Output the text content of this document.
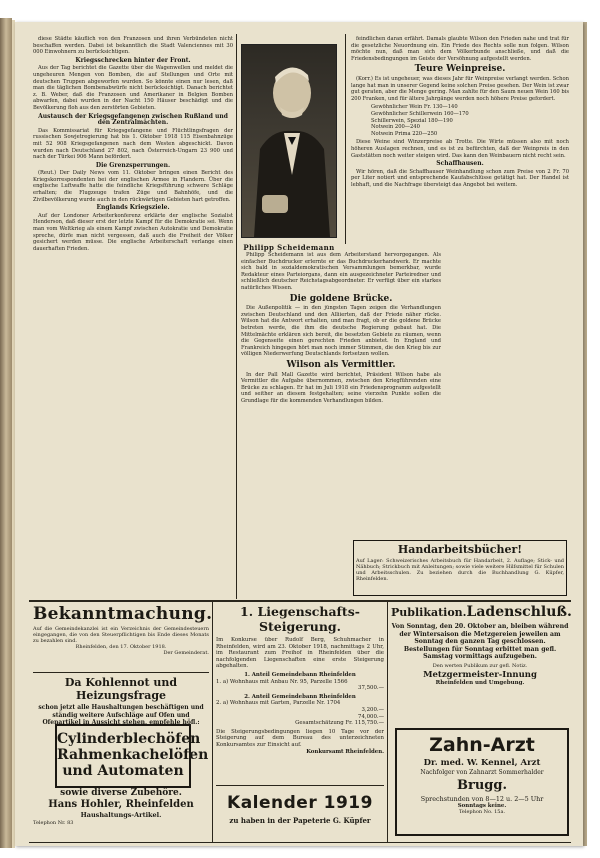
diese Städte käuflich von den Franzosen und ihren Verbündeten nicht beschaffen werden. Dabei ist bekanntlich die Stadt Valenciennes mit 30 000 Einwohnern zu berücksichtigen.

Kriegsschrecken hinter der Front.

Aus der Tag berichtet die Gazette über die Wagenwellen und meldet die ungeheuren Mengen von Bomben, die auf Stellungen und Orte mit deutschen Truppen abgeworfen wurden. So könnte einen nur lesen, daß man die täglichen Bombenabwürfe nicht berücksichtigt. Danach berichtet z. B. Weber, daß die Franzosen und Amerikaner in Belgien Bomben abwarfen, dabei wurden in der Nacht 150 Häuser beschädigt und die Bevölkerung floh aus den zerstörten Gebieten.

Austausch der Kriegsgefangenen zwischen Rußland und den Zentralmächten.

Das Kommissariat für Kriegsgefangene und Flüchtlingsfragen der russischen Sowjetregierung hat bis 1. Oktober 1918 115 Eisenbahnzüge mit 52 908 Kriegsgefangenen nach dem Westen abgeschickt. Davon wurden nach Deutschland 27 802, nach Österreich-Ungarn 23 900 und nach der Türkei 906 Mann befördert.

Die Grenzsperrungen.

(Reut.) Der Daily News vom 11. Oktober bringen einen Bericht des Kriegskorrespondenten bei der englischen Armee in Flandern. Über die englische Luftwaffe hatte die feindliche Kriegsführung schwere Schläge erhalten; die Flugzeuge trafen Züge und Bahnhöfe, und die Zivilbevölkerung wurde auch in den rückwärtigen Gebieten hart getroffen.

Englands Kriegsziele.

Auf der Londoner Arbeiterkonferenz erklärte der englische Sozialist Henderson, daß dieser erst der letzte Kampf für die Demokratie sei. Wenn man vom Weltkrieg als einem Kampf zwischen Autokratie und Demokratie spreche, dürfe man nicht vergessen, daß auch die Freiheit der Völker gesichert werden müsse. Die englische Arbeiterschaft verlange einen dauerhaften Frieden.	Philipp Scheidemann

Philipp Scheidemann ist aus dem Arbeiterstand hervorgegangen. Als einfacher Buchdrucker erlernte er das Buchdruckerhandwerk. Er machte sich bald in sozialdemokratischen Versammlungen bemerkbar, wurde Redakteur eines Parteiorgans, dann ein ausgezeichneter Parteiredner und schließlich deutscher Reichstagsabgeordneter. Er verfügt über ein starkes natürliches Wissen.

Die goldene Brücke.

Die Außenpolitik — in den jüngsten Tagen zeigen die Verhandlungen zwischen Deutschland und den Alliierten, daß der Friede näher rücke. Wilson hat die Antwort erhalten, und man fragt, ob er die goldene Brücke betreten werde, die ihm die deutsche Regierung gebaut hat. Die Mittelmächte erklären sich bereit, die besetzten Gebiete zu räumen, wenn die Gegenseite einen gerechten Frieden anbietet. In England und Frankreich hingegen hört man noch immer Stimmen, die den Krieg bis zur völligen Niederwerfung Deutschlands fortsetzen wollen.

Wilson als Vermittler.

In der Pall Mall Gazette wird berichtet, Präsident Wilson habe als Vermittler die Aufgabe übernommen, zwischen den Kriegführenden eine Brücke zu schlagen. Er hat im Juli 1918 ein Friedensprogramm aufgestellt und seither an diesem festgehalten; seine vierzehn Punkte sollen die Grundlage für die kommenden Verhandlungen bilden.

feindlichen daran erfährt. Damals glaubte Wilson den Frieden nahe und trat für die gesetzliche Neuordnung ein. Ein Friede des Rechts solle nun folgen. Wilson möchte nun, daß man sich dem Völkerbunde anschließe, und daß die Friedensbedingungen im Geiste der Versöhnung aufgestellt werden.

Teure Weinpreise.

(Korr.) Es ist ungeheuer, was dieses Jahr für Weinpreise verlangt werden. Schon lange hat man in unserer Gegend keine solchen Preise gesehen. Der Wein ist zwar gut geraten, aber die Menge gering. Man zahlte für den Saum neuen Wein 160 bis 200 Franken, und für ältere Jahrgänge werden noch höhere Preise gefordert.

Gewöhnlicher Wein Fr. 130—140
Gewöhnlicher Schillerwein 160—170
Schillerwein, Spezial 180—190
Notwein 200—240
Notwein Prima 220—250

Diese Weine sind Winzerpreise ab Trotte. Die Wirte müssen also mit noch höheren Auslagen rechnen, und es ist zu befürchten, daß der Weinpreis in den Gaststätten noch weiter steigen wird. Das kann den Weinbauern nicht recht sein.

Schaffhausen.

Wir hören, daß die Schaffhauser Weinhandlung schon zum Preise von 2 Fr. 70 per Liter notiert und entsprechende Kaufabschlüsse getätigt hat. Der Handel ist lebhaft, und die Nachfrage übersteigt das Angebot bei weitem.

Handarbeitsbücher!

Auf Lager: Schweizerisches Arbeitsbuch für Handarbeit, 2. Auflage; Stick- und Nähbuch; Strickbuch mit Anleitungen; sowie viele weitere Hilfsmittel für Schulen und Arbeitsschulen. Zu beziehen durch die Buchhandlung G. Küpfer, Rheinfelden.

Bekanntmachung.

Auf die Gemeindekanzlei ist ein Verzeichnis der Gemeindesteuern eingegangen, die von den Steuerpflichtigen bis Ende dieses Monats zu bezahlen sind.

Rheinfelden, den 17. Oktober 1918.

Der Gemeinderat.

Da Kohlennot und Heizungsfrage

schon jetzt alle Haushaltungen beschäftigen und ständig weitere Aufschläge auf Ofen und Ofenartikel in Aussicht stehen, empfehle höfl.:

Cylinderblechöfen
Rahmenkachelöfen
und Automaten
sowie diverse Zubehöre.
Hans Hohler, Rheinfelden
Haushaltungs-Artikel.
Telephon Nr. 83
1. Liegenschafts-Steigerung.

Im Konkurse über Rudolf Berg, Schuhmacher in Rheinfelden, wird am 23. Oktober 1918, nachmittags 2 Uhr, im Restaurant zum Freihof in Rheinfelden über die nachfolgenden Liegenschaften eine erste Steigerung abgehalten.

1. Anteil Gemeindebann Rheinfelden

1. a) Wohnhaus mit Anbau Nr. 95, Parzelle 1566

37,500.—

2. Anteil Gemeindebann Rheinfelden

2. a) Wohnhaus mit Garten, Parzelle Nr. 1704

3,200.—

74,000.—

Gesamtschätzung Fr. 115,750.—

Die Steigerungsbedingungen liegen 10 Tage vor der Steigerung auf dem Bureau des unterzeichneten Konkursamtes zur Einsicht auf.

Konkursamt Rheinfelden.

Kalender 1919
zu haben in der Papeterie G. Küpfer
Publikation. Ladenschluß.

Von Sonntag, den 20. Oktober an, bleiben während der Wintersaison die Metzgereien jeweilen am Sonntag den ganzen Tag geschlossen. Bestellungen für Sonntag erbittet man gefl. Samstag vormittags aufzugeben.

Den werten Publikum zur gefl. Notiz.

Metzgermeister-Innung

Rheinfelden und Umgebung.

Zahn-Arzt
Dr. med. W. Kennel, Arzt
Nachfolger von Zahnarzt Sommerhalder
Brugg.
Sprechstunden von 8—12 u. 2—5 Uhr
Sonntags keine.
Telephon No. 15a.
